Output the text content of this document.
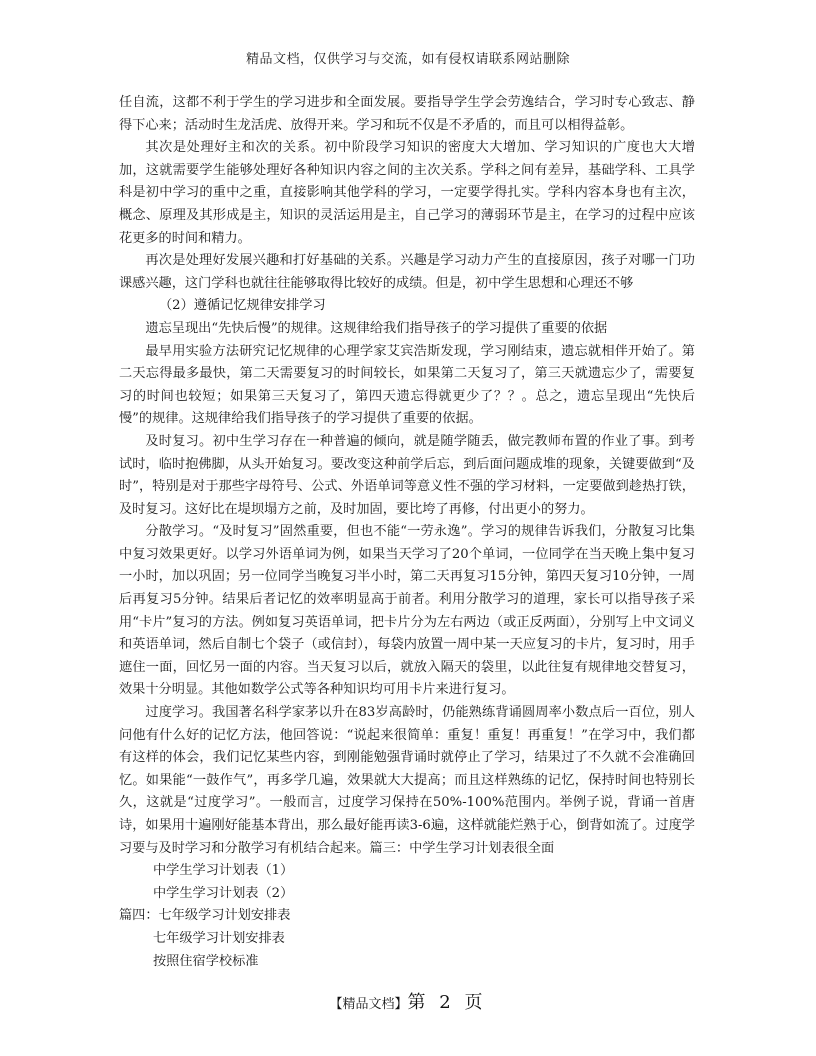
精品文档，仅供学习与交流，如有侵权请联系网站删除

任自流，这都不利于学生的学习进步和全面发展。要指导学生学会劳逸结合，学习时专心致志、静得下心来；活动时生龙活虎、放得开来。学习和玩不仅是不矛盾的，而且可以相得益彰。

其次是处理好主和次的关系。初中阶段学习知识的密度大大增加、学习知识的广度也大大增加，这就需要学生能够处理好各种知识内容之间的主次关系。学科之间有差异，基础学科、工具学科是初中学习的重中之重，直接影响其他学科的学习，一定要学得扎实。学科内容本身也有主次，概念、原理及其形成是主，知识的灵活运用是主，自己学习的薄弱环节是主，在学习的过程中应该花更多的时间和精力。

再次是处理好发展兴趣和打好基础的关系。兴趣是学习动力产生的直接原因，孩子对哪一门功课感兴趣，这门学科也就往往能够取得比较好的成绩。但是，初中学生思想和心理还不够

（2）遵循记忆规律安排学习

遗忘呈现出“先快后慢”的规律。这规律给我们指导孩子的学习提供了重要的依据

最早用实验方法研究记忆规律的心理学家艾宾浩斯发现，学习刚结束，遗忘就相伴开始了。第二天忘得最多最快，第二天需要复习的时间较长，如果第二天复习了，第三天就遗忘少了，需要复习的时间也较短；如果第三天复习了，第四天遗忘得就更少了？？。总之，遗忘呈现出“先快后慢”的规律。这规律给我们指导孩子的学习提供了重要的依据。

及时复习。初中生学习存在一种普遍的倾向，就是随学随丢，做完教师布置的作业了事。到考试时，临时抱佛脚，从头开始复习。要改变这种前学后忘，到后面问题成堆的现象，关键要做到“及时”，特别是对于那些字母符号、公式、外语单词等意义性不强的学习材料，一定要做到趁热打铁，及时复习。这好比在堤坝塌方之前，及时加固，要比垮了再修，付出更小的努力。

分散学习。“及时复习”固然重要，但也不能“一劳永逸”。学习的规律告诉我们，分散复习比集中复习效果更好。以学习外语单词为例，如果当天学习了20个单词，一位同学在当天晚上集中复习一小时，加以巩固；另一位同学当晚复习半小时，第二天再复习15分钟，第四天复习10分钟，一周后再复习5分钟。结果后者记忆的效率明显高于前者。利用分散学习的道理，家长可以指导孩子采用“卡片”复习的方法。例如复习英语单词，把卡片分为左右两边（或正反两面），分别写上中文词义和英语单词，然后自制七个袋子（或信封），每袋内放置一周中某一天应复习的卡片，复习时，用手遮住一面，回忆另一面的内容。当天复习以后，就放入隔天的袋里，以此往复有规律地交替复习，效果十分明显。其他如数学公式等各种知识均可用卡片来进行复习。

过度学习。我国著名科学家茅以升在83岁高龄时，仍能熟练背诵圆周率小数点后一百位，别人问他有什么好的记忆方法，他回答说：“说起来很简单：重复！重复！再重复！”在学习中，我们都有这样的体会，我们记忆某些内容，到刚能勉强背诵时就停止了学习，结果过了不久就不会准确回忆。如果能“一鼓作气”，再多学几遍，效果就大大提高；而且这样熟练的记忆，保持时间也特别长久，这就是“过度学习”。一般而言，过度学习保持在50%-100%范围内。举例子说，背诵一首唐诗，如果用十遍刚好能基本背出，那么最好能再读3-6遍，这样就能烂熟于心，倒背如流了。过度学习要与及时学习和分散学习有机结合起来。篇三：中学生学习计划表很全面

中学生学习计划表（1）

中学生学习计划表（2）

篇四：七年级学习计划安排表

七年级学习计划安排表

按照住宿学校标准

【精品文档】第 2 页
